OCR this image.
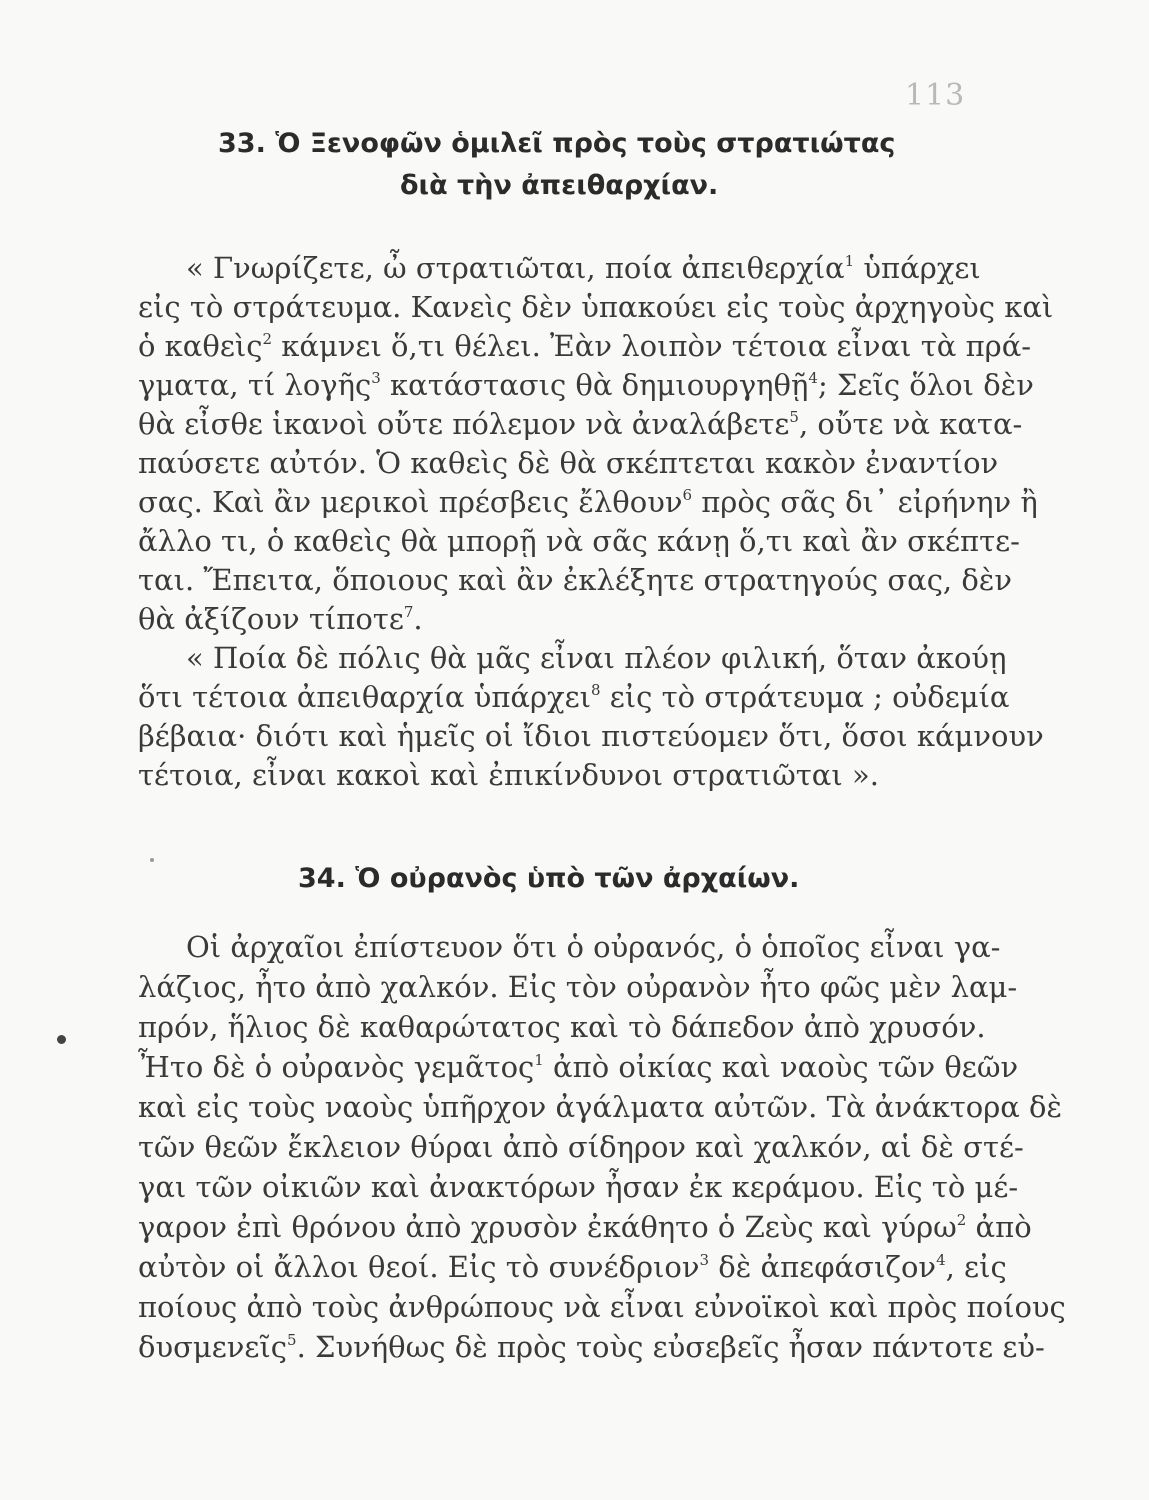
113
33. Ὁ Ξενοφῶν ὁμιλεῖ πρὸς τοὺς στρατιώτας
διὰ τὴν ἀπειθαρχίαν.
« Γνωρίζετε, ὦ στρατιῶται, ποία ἀπειθερχία$^1$ ὑπάρχει
εἰς τὸ στράτευμα. Κανεὶς δὲν ὑπακούει εἰς τοὺς ἀρχηγοὺς καὶ
ὁ καθεὶς$^2$ κάμνει ὅ,τι θέλει. Ἐὰν λοιπὸν τέτοια εἶναι τὰ πρά-
γματα, τί λογῆς$^3$ κατάστασις θὰ δημιουργηθῇ$^4$; Σεῖς ὅλοι δὲν
θὰ εἶσθε ἱκανοὶ οὔτε πόλεμον νὰ ἀναλάβετε$^5$, οὔτε νὰ κατα-
παύσετε αὐτόν. Ὁ καθεὶς δὲ θὰ σκέπτεται κακὸν ἐναντίον
σας. Καὶ ἂν μερικοὶ πρέσβεις ἔλθουν$^6$ πρὸς σᾶς δι᾽ εἰρήνην ἢ
ἄλλο τι, ὁ καθεὶς θὰ μπορῇ νὰ σᾶς κάνῃ ὅ,τι καὶ ἂν σκέπτε-
ται. Ἔπειτα, ὅποιους καὶ ἂν ἐκλέξητε στρατηγούς σας, δὲν
θὰ ἀξίζουν τίποτε$^7$.
« Ποία δὲ πόλις θὰ μᾶς εἶναι πλέον φιλική, ὅταν ἀκούῃ
ὅτι τέτοια ἀπειθαρχία ὑπάρχει$^8$ εἰς τὸ στράτευμα ; οὐδεμία
βέβαια· διότι καὶ ἡμεῖς οἱ ἴδιοι πιστεύομεν ὅτι, ὅσοι κάμνουν
τέτοια, εἶναι κακοὶ καὶ ἐπικίνδυνοι στρατιῶται ».
34. Ὁ οὐρανὸς ὑπὸ τῶν ἀρχαίων.
Οἱ ἀρχαῖοι ἐπίστευον ὅτι ὁ οὐρανός, ὁ ὁποῖος εἶναι γα-
λάζιος, ἦτο ἀπὸ χαλκόν. Εἰς τὸν οὐρανὸν ἦτο φῶς μὲν λαμ-
πρόν, ἥλιος δὲ καθαρώτατος καὶ τὸ δάπεδον ἀπὸ χρυσόν.
Ἦτο δὲ ὁ οὐρανὸς γεμᾶτος$^1$ ἀπὸ οἰκίας καὶ ναοὺς τῶν θεῶν
καὶ εἰς τοὺς ναοὺς ὑπῆρχον ἀγάλματα αὐτῶν. Τὰ ἀνάκτορα δὲ
τῶν θεῶν ἔκλειον θύραι ἀπὸ σίδηρον καὶ χαλκόν, αἱ δὲ στέ-
γαι τῶν οἰκιῶν καὶ ἀνακτόρων ἦσαν ἐκ κεράμου. Εἰς τὸ μέ-
γαρον ἐπὶ θρόνου ἀπὸ χρυσὸν ἐκάθητο ὁ Ζεὺς καὶ γύρω$^2$ ἀπὸ
αὐτὸν οἱ ἄλλοι θεοί. Εἰς τὸ συνέδριον$^3$ δὲ ἀπεφάσιζον$^4$, εἰς
ποίους ἀπὸ τοὺς ἀνθρώπους νὰ εἶναι εὐνοϊκοὶ καὶ πρὸς ποίους
δυσμενεῖς$^5$. Συνήθως δὲ πρὸς τοὺς εὐσεβεῖς ἦσαν πάντοτε εὐ-
